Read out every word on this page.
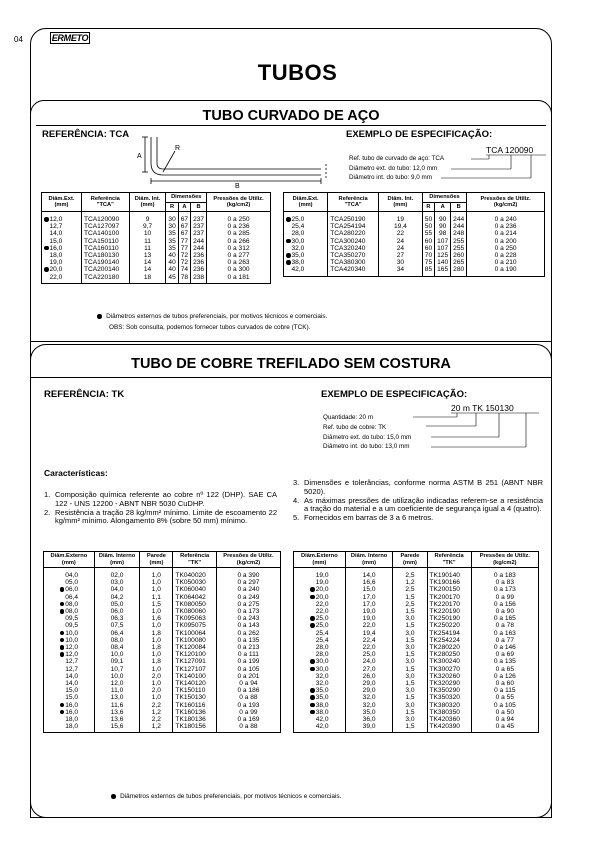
04	ERMETO
TUBOS
TUBO CURVADO DE AÇO
REFERÊNCIA: TCA	EXEMPLO DE ESPECIFICAÇÃO:
A
R
B
TCA 120090
Ref. tubo de curvado de aço: TCA
Diâmetro ext. do tubo: 12,0 mm
Diâmetro int. do tubo: 9,0 mm
Diâm.Ext. (mm)	Referência "TCA"	Diâm. Int. (mm)	Dimensões			Pressões de Utiliz. (kg/cm2)
			R	A	B	
12,0	TCA120090	9	30	67	237	0 a 250
12,7	TCA127097	9,7	30	67	237	0 a 236
14,0	TCA140100	10	35	67	237	0 a 285
15,0	TCA150110	11	35	77	244	0 a 266
16,0	TCA160110	11	35	77	244	0 a 312
18,0	TCA180130	13	40	72	236	0 a 277
19,0	TCA190140	14	40	72	236	0 a 263
20,0	TCA200140	14	40	74	236	0 a 300
22,0	TCA220180	18	45	78	238	0 a 181
Diâm.Ext. (mm)	Referência "TCA"	Diâm. Int. (mm)	Dimensões			Pressões de Utiliz. (kg/cm2)
			R	A	B	
25,0	TCA250190	19	50	90	244	0 a 240
25,4	TCA254194	19,4	50	90	244	0 a 236
28,0	TCA280220	22	55	98	248	0 a 214
30,0	TCA300240	24	60	107	255	0 a 200
32,0	TCA320240	24	60	107	255	0 a 250
35,0	TCA350270	27	70	125	260	0 a 228
38,0	TCA380300	30	75	140	265	0 a 210
42,0	TCA420340	34	85	165	280	0 a 190
Diâmetros externos de tubos preferenciais, por motivos técnicos e comerciais.
OBS: Sob consulta, podemos fornecer tubos curvados de cobre (TCK).
TUBO DE COBRE TREFILADO SEM COSTURA
REFERÊNCIA: TK	EXEMPLO DE ESPECIFICAÇÃO:
20 m TK 150130
Quantidade: 20 m
Ref. tubo de cobre: TK
Diâmetro ext. do tubo: 15,0 mm
Diâmetro int. do tubo: 13,0 mm
Características:
1. Composição química referente ao cobre nº 122 (DHP). SAE CA 122 - UNS 12200 - ABNT NBR 5030 CuDHP.
2. Resistência a tração 28 kg/mm² mínimo. Limite de escoamento 22 kg/mm² mínimo. Alongamento 8% (sobre 50 mm) mínimo.
3. Dimensões e tolerâncias, conforme norma ASTM B 251 (ABNT NBR 5020).
4. As máximas pressões de utilização indicadas referem-se a resistência a tração do material e a um coeficiente de segurança igual a 4 (quatro).
5. Fornecidos em barras de 3 a 6 metros.
Diâm.Externo (mm)	Diâm. Interno (mm)	Parede (mm)	Referência "TK"	Pressões de Utiliz. (kg/cm2)
04,0	02,0	1,0	TK040020	0 a 390
05,0	03,0	1,0	TK050030	0 a 297
06,0	04,0	1,0	TK060040	0 a 240
06,4	04,2	1,1	TK064042	0 a 249
08,0	05,0	1,5	TK080050	0 a 275
08,0	06,0	1,0	TK080060	0 a 173
09,5	06,3	1,6	TK095063	0 a 243
09,5	07,5	1,0	TK095075	0 a 143
10,0	06,4	1,8	TK100064	0 a 262
10,0	08,0	1,0	TK100080	0 a 135
12,0	08,4	1,8	TK120084	0 a 213
12,0	10,0	1,0	TK120100	0 a 111
12,7	09,1	1,8	TK127091	0 a 199
12,7	10,7	1,0	TK127107	0 a 105
14,0	10,0	2,0	TK140100	0 a 201
14,0	12,0	1,0	TK140120	0 a 94
15,0	11,0	2,0	TK150110	0 a 186
15,0	13,0	1,0	TK150130	0 a 88
16,0	11,6	2,2	TK160116	0 a 193
16,0	13,6	1,2	TK160136	0 a 99
18,0	13,6	2,2	TK180136	0 a 169
18,0	15,6	1,2	TK180156	0 a 88
Diâm.Externo (mm)	Diâm. Interno (mm)	Parede (mm)	Referência "TK"	Pressões de Utiliz. (kg/cm2)
19,0	14,0	2,5	TK190140	0 a 183
19,0	16,6	1,2	TK190166	0 a 83
20,0	15,0	2,5	TK200150	0 a 173
20,0	17,0	1,5	TK200170	0 a 99
22,0	17,0	2,5	TK220170	0 a 156
22,0	19,0	1,5	TK220190	0 a 90
25,0	19,0	3,0	TK250190	0 a 165
25,0	22,0	1,5	TK250220	0 a 78
25,4	19,4	3,0	TK254194	0 a 163
25,4	22,4	1,5	TK254224	0 a 77
28,0	22,0	3,0	TK280220	0 a 146
28,0	25,0	1,5	TK280250	0 a 69
30,0	24,0	3,0	TK300240	0 a 135
30,0	27,0	1,5	TK300270	0 a 65
32,0	26,0	3,0	TK320260	0 a 126
32,0	29,0	1,5	TK320290	0 a 60
35,0	29,0	3,0	TK350290	0 a 115
35,0	32,0	1,5	TK350320	0 a 55
38,0	32,0	3,0	TK380320	0 a 105
38,0	35,0	1,5	TK380350	0 a 50
42,0	36,0	3,0	TK420360	0 a 94
42,0	39,0	1,5	TK420390	0 a 45
Diâmetros externos de tubos preferenciais, por motivos técnicos e comerciais.
